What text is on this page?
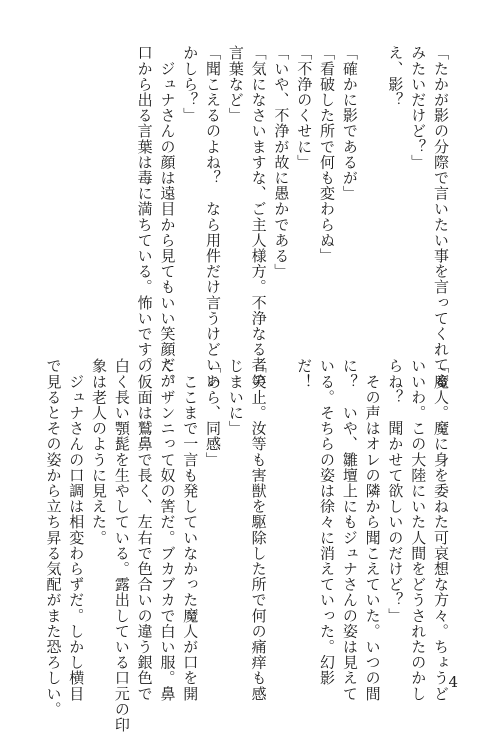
「たかが影の分際で言いたい事を言ってくれてる
みたいだけど？」
え、影？

「確かに影であるが」
「看破した所で何も変わらぬ」
「不浄のくせに」
「いや、不浄が故に愚かである」
「気になさいますな、ご主人様方。不浄なる者の
言葉など」
「聞こえるのよね？　なら用件だけ言うけどいい
かしら？」
　ジュナさんの顔は遠目から見てもいい笑顔だが
口から出る言葉は毒に満ちている。怖いです。
「魔人。魔に身を委ねた可哀想な方々。ちょうど
いいわ。この大陸にいた人間をどうされたのかし
らね？　聞かせて欲しいのだけど？」
　その声はオレの隣から聞こえていた。いつの間
に？　いや、雛壇上にもジュナさんの姿は見えて
いる。そちらの姿は徐々に消えていった。幻影
だ！

「笑止。汝等も害獣を駆除した所で何の痛痒も感
じまいに」
「あら、同感」
　ここまで一言も発していなかった魔人が口を開
く。ザンニって奴の筈だ。ブカブカで白い服。鼻
の仮面は鷲鼻で長く、左右で色合いの違う銀色で
白く長い顎髭を生やしている。露出している口元の印
象は老人のように見えた。
　ジュナさんの口調は相変わらずだ。しかし横目
で見るとその姿から立ち昇る気配がまた恐ろしい。	4
